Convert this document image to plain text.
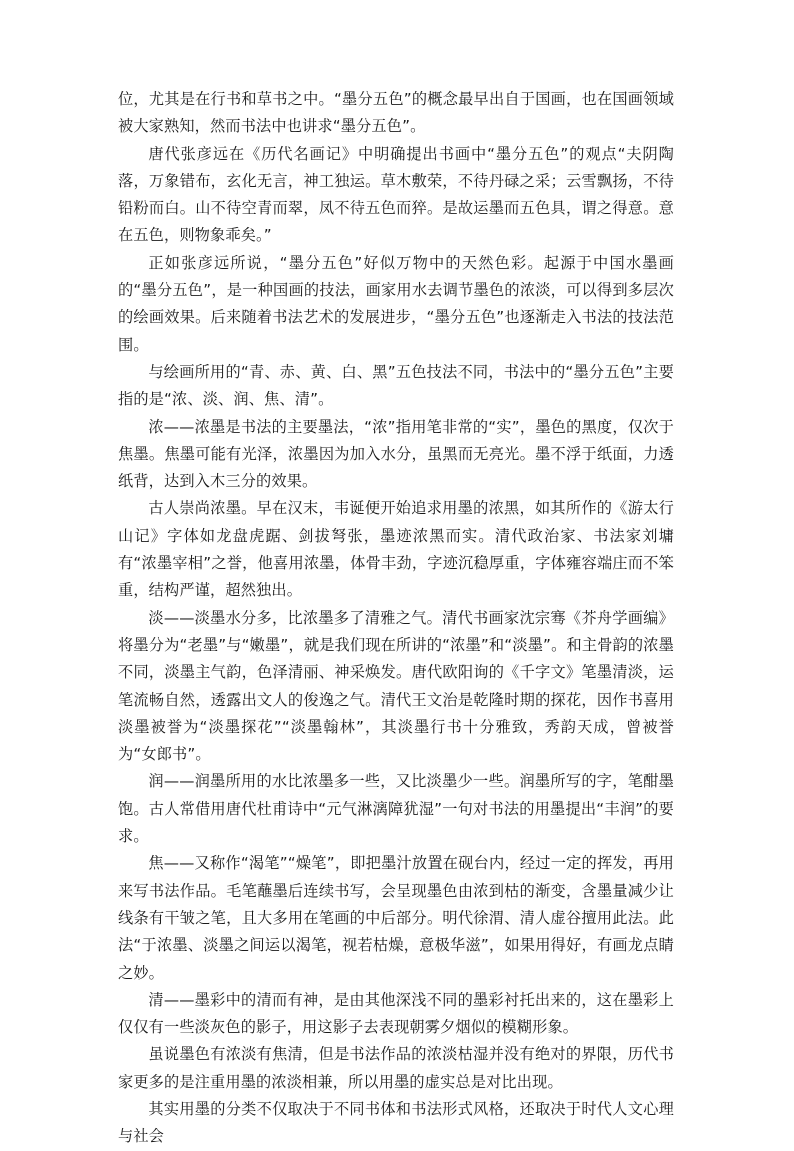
位，尤其是在行书和草书之中。“墨分五色”的概念最早出自于国画，也在国画领域被大家熟知，然而书法中也讲求“墨分五色”。

唐代张彦远在《历代名画记》中明确提出书画中“墨分五色”的观点“夫阴陶落，万象错布，玄化无言，神工独运。草木敷荣，不待丹碌之采；云雪飘扬，不待铅粉而白。山不待空青而翠，凤不待五色而猝。是故运墨而五色具，谓之得意。意在五色，则物象乖矣。”

正如张彦远所说，“墨分五色”好似万物中的天然色彩。起源于中国水墨画的“墨分五色”，是一种国画的技法，画家用水去调节墨色的浓淡，可以得到多层次的绘画效果。后来随着书法艺术的发展进步，“墨分五色”也逐渐走入书法的技法范围。

与绘画所用的“青、赤、黄、白、黑”五色技法不同，书法中的“墨分五色”主要指的是“浓、淡、润、焦、清”。

浓——浓墨是书法的主要墨法，“浓”指用笔非常的“实”，墨色的黑度，仅次于焦墨。焦墨可能有光泽，浓墨因为加入水分，虽黑而无亮光。墨不浮于纸面，力透纸背，达到入木三分的效果。

古人崇尚浓墨。早在汉末，韦诞便开始追求用墨的浓黑，如其所作的《游太行山记》字体如龙盘虎踞、剑拔弩张，墨迹浓黑而实。清代政治家、书法家刘墉有“浓墨宰相”之誉，他喜用浓墨，体骨丰劲，字迹沉稳厚重，字体雍容端庄而不笨重，结构严谨，超然独出。

淡——淡墨水分多，比浓墨多了清雅之气。清代书画家沈宗骞《芥舟学画编》将墨分为“老墨”与“嫩墨”，就是我们现在所讲的“浓墨”和“淡墨”。和主骨韵的浓墨不同，淡墨主气韵，色泽清丽、神采焕发。唐代欧阳询的《千字文》笔墨清淡，运笔流畅自然，透露出文人的俊逸之气。清代王文治是乾隆时期的探花，因作书喜用淡墨被誉为“淡墨探花”“淡墨翰林”，其淡墨行书十分雅致，秀韵天成，曾被誉为“女郎书”。

润——润墨所用的水比浓墨多一些，又比淡墨少一些。润墨所写的字，笔酣墨饱。古人常借用唐代杜甫诗中“元气淋漓障犹湿”一句对书法的用墨提出“丰润”的要求。

焦——又称作“渴笔”“燥笔”，即把墨汁放置在砚台内，经过一定的挥发，再用来写书法作品。毛笔蘸墨后连续书写，会呈现墨色由浓到枯的渐变，含墨量减少让线条有干皱之笔，且大多用在笔画的中后部分。明代徐渭、清人虚谷擅用此法。此法“于浓墨、淡墨之间运以渴笔，视若枯燥，意极华滋”，如果用得好，有画龙点睛之妙。

清——墨彩中的清而有神，是由其他深浅不同的墨彩衬托出来的，这在墨彩上仅仅有一些淡灰色的影子，用这影子去表现朝雾夕烟似的模糊形象。

虽说墨色有浓淡有焦清，但是书法作品的浓淡枯湿并没有绝对的界限，历代书家更多的是注重用墨的浓淡相兼，所以用墨的虚实总是对比出现。

其实用墨的分类不仅取决于不同书体和书法形式风格，还取决于时代人文心理与社会
